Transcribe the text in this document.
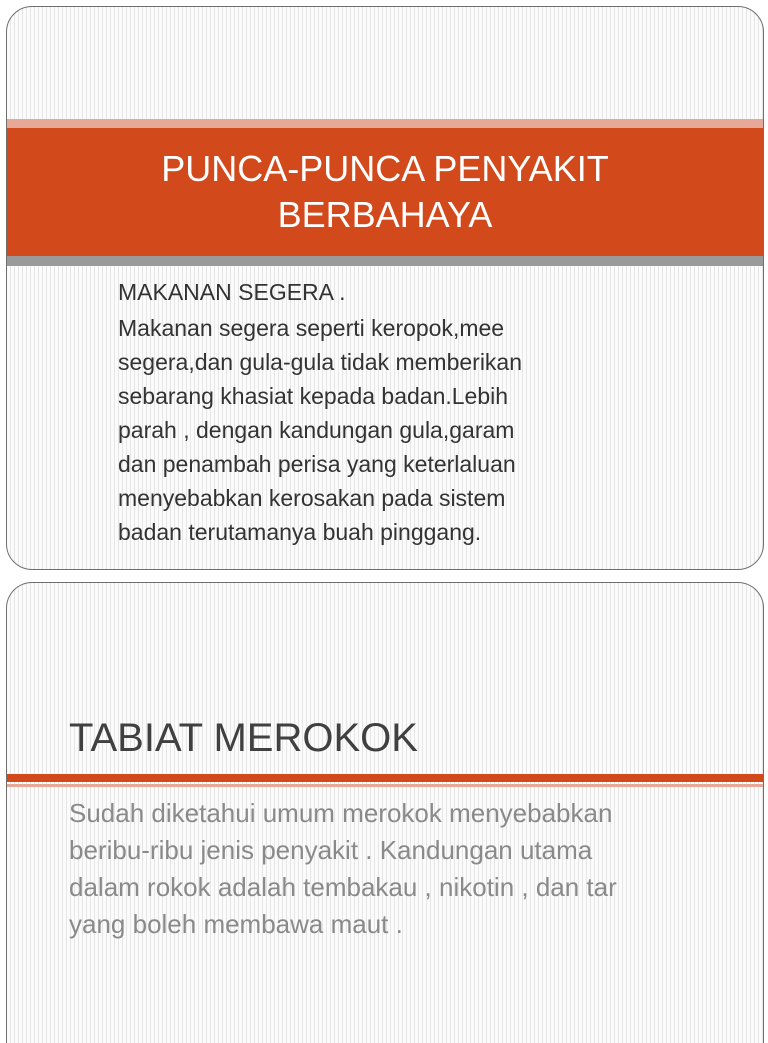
PUNCA-PUNCA PENYAKIT
BERBAHAYA

MAKANAN SEGERA .

Makanan segera seperti keropok,mee
segera,dan gula-gula tidak memberikan
sebarang khasiat kepada badan.Lebih
parah , dengan kandungan gula,garam
dan penambah perisa yang keterlaluan
menyebabkan kerosakan pada sistem
badan terutamanya buah pinggang.

TABIAT MEROKOK

Sudah diketahui umum merokok menyebabkan
beribu-ribu jenis penyakit . Kandungan utama
dalam rokok adalah tembakau , nikotin , dan tar
yang boleh membawa maut .
